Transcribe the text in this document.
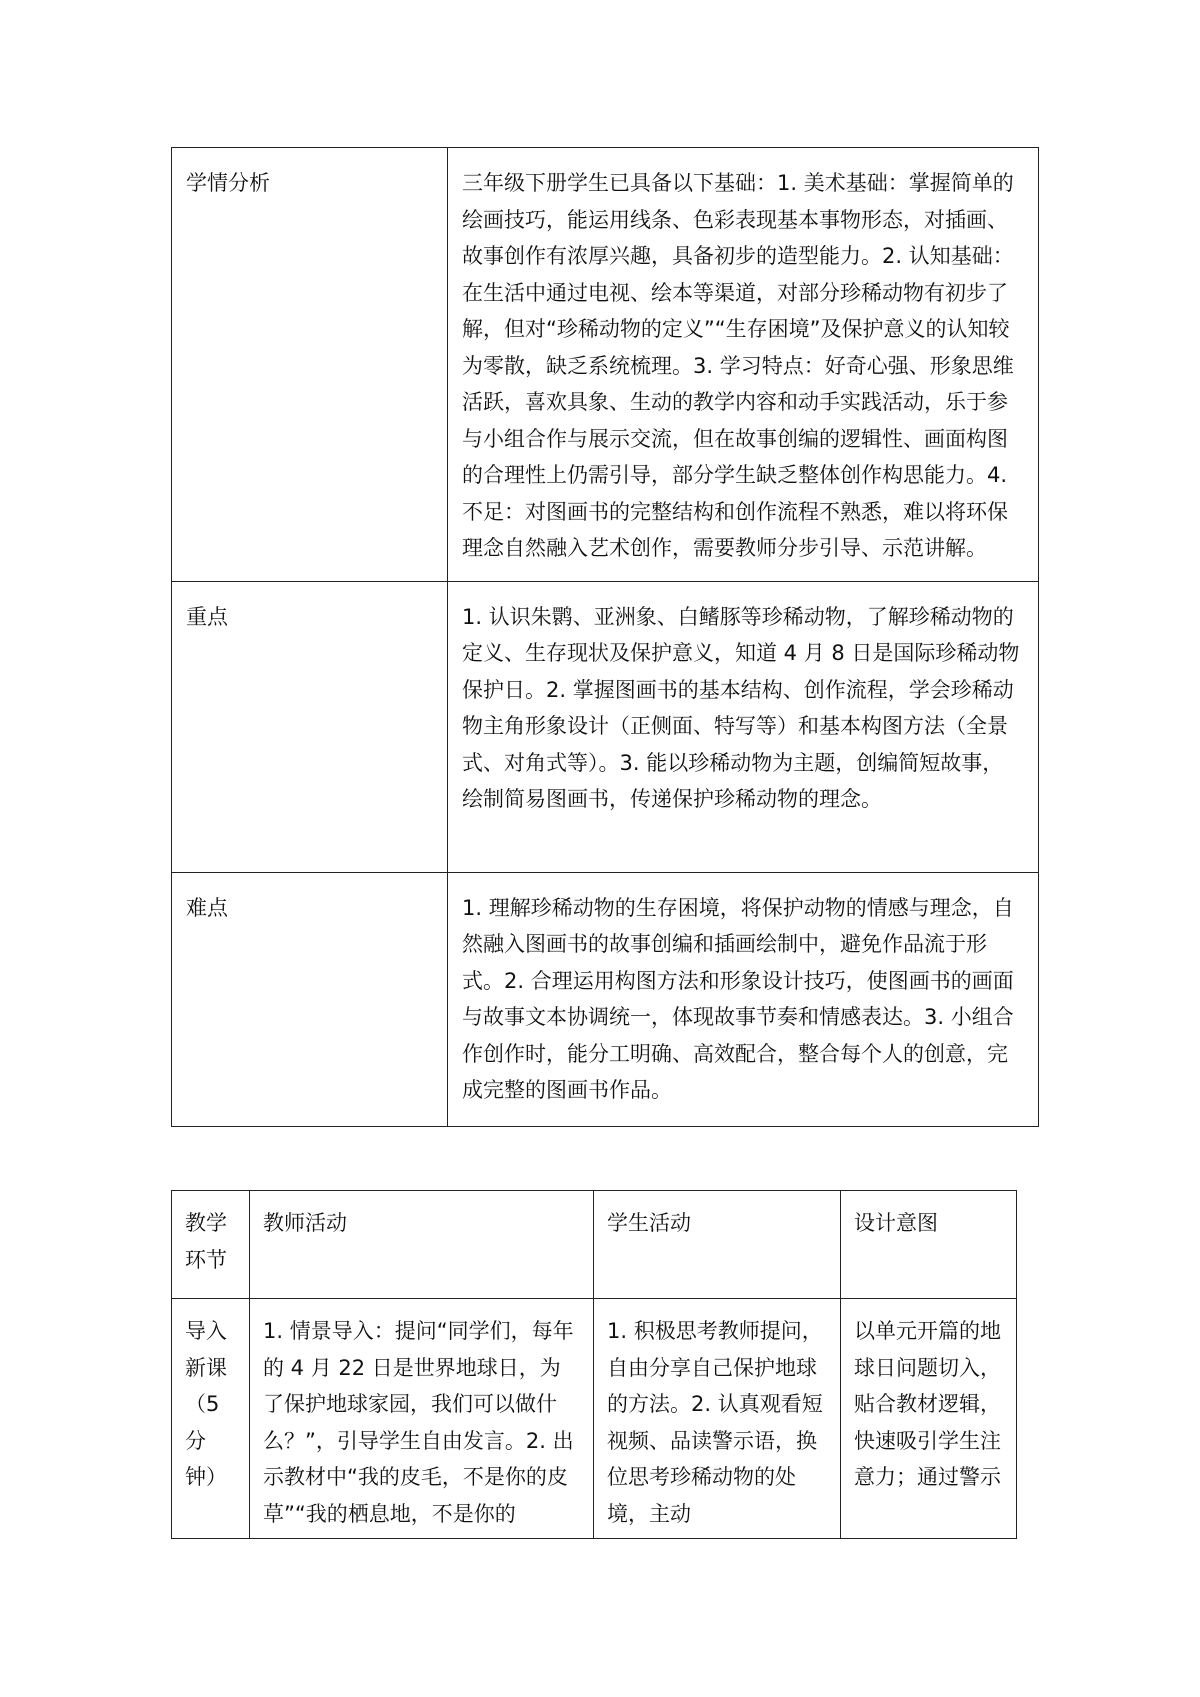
学情分析	三年级下册学生已具备以下基础：1. 美术基础：掌握简单的绘画技巧，能运用线条、色彩表现基本事物形态，对插画、故事创作有浓厚兴趣，具备初步的造型能力。2. 认知基础：在生活中通过电视、绘本等渠道，对部分珍稀动物有初步了解，但对“珍稀动物的定义”“生存困境”及保护意义的认知较为零散，缺乏系统梳理。3. 学习特点：好奇心强、形象思维活跃，喜欢具象、生动的教学内容和动手实践活动，乐于参与小组合作与展示交流，但在故事创编的逻辑性、画面构图的合理性上仍需引导，部分学生缺乏整体创作构思能力。4. 不足：对图画书的完整结构和创作流程不熟悉，难以将环保理念自然融入艺术创作，需要教师分步引导、示范讲解。
重点	1. 认识朱鹮、亚洲象、白鳍豚等珍稀动物，了解珍稀动物的定义、生存现状及保护意义，知道 4 月 8 日是国际珍稀动物保护日。2. 掌握图画书的基本结构、创作流程，学会珍稀动物主角形象设计（正侧面、特写等）和基本构图方法（全景式、对角式等）。3. 能以珍稀动物为主题，创编简短故事，绘制简易图画书，传递保护珍稀动物的理念。
难点	1. 理解珍稀动物的生存困境，将保护动物的情感与理念，自然融入图画书的故事创编和插画绘制中，避免作品流于形式。2. 合理运用构图方法和形象设计技巧，使图画书的画面与故事文本协调统一，体现故事节奏和情感表达。3. 小组合作创作时，能分工明确、高效配合，整合每个人的创意，完成完整的图画书作品。
教学环节	教师活动	学生活动	设计意图

导入新课（5 分钟）	1. 情景导入：提问“同学们，每年的 4 月 22 日是世界地球日，为了保护地球家园，我们可以做什么？”，引导学生自由发言。2. 出示教材中“我的皮毛，不是你的皮草”“我的栖息地，不是你的	1. 积极思考教师提问，自由分享自己保护地球的方法。2. 认真观看短视频、品读警示语，换位思考珍稀动物的处境，主动	以单元开篇的地球日问题切入，贴合教材逻辑，快速吸引学生注意力；通过警示
